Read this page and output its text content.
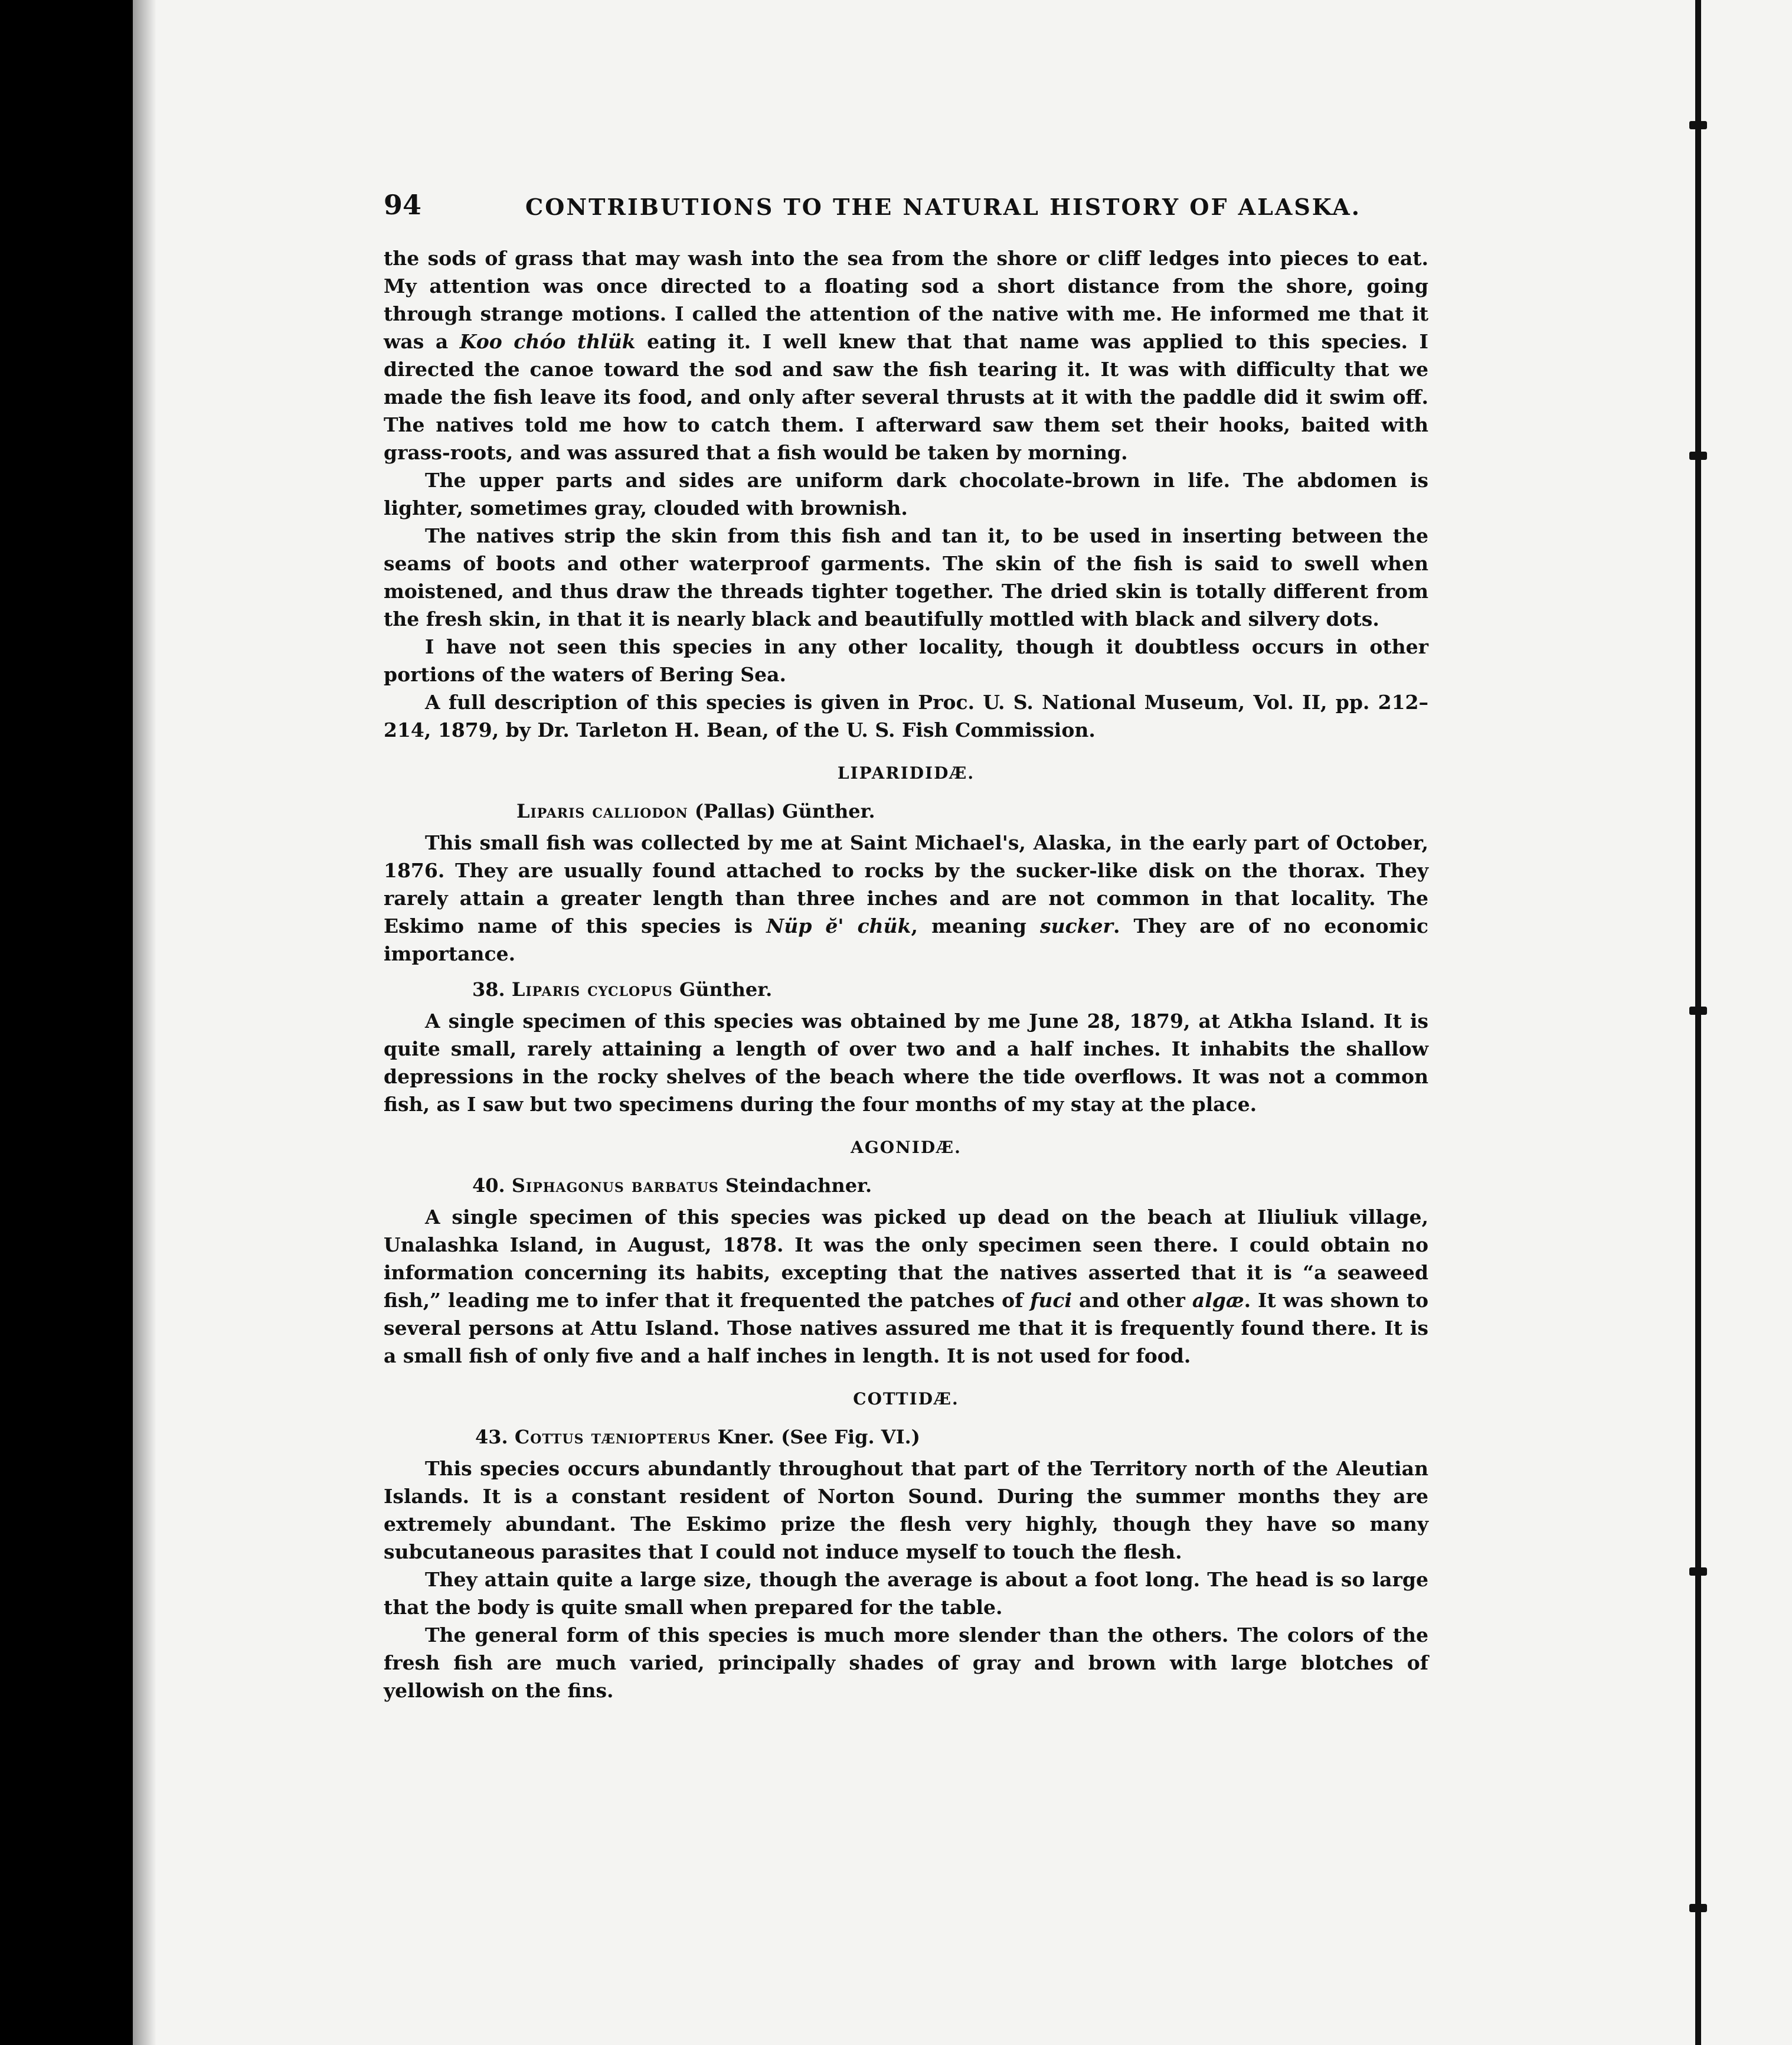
94	CONTRIBUTIONS TO THE NATURAL HISTORY OF ALASKA.

the sods of grass that may wash into the sea from the shore or cliff ledges into pieces to eat. My attention was once directed to a floating sod a short distance from the shore, going through strange motions. I called the attention of the native with me. He informed me that it was a Koo chóo thlük eating it. I well knew that that name was applied to this species. I directed the canoe toward the sod and saw the fish tearing it. It was with difficulty that we made the fish leave its food, and only after several thrusts at it with the paddle did it swim off. The natives told me how to catch them. I afterward saw them set their hooks, baited with grass-roots, and was assured that a fish would be taken by morning.

The upper parts and sides are uniform dark chocolate-brown in life. The abdomen is lighter, sometimes gray, clouded with brownish.

The natives strip the skin from this fish and tan it, to be used in inserting between the seams of boots and other waterproof garments. The skin of the fish is said to swell when moistened, and thus draw the threads tighter together. The dried skin is totally different from the fresh skin, in that it is nearly black and beautifully mottled with black and silvery dots.

I have not seen this species in any other locality, though it doubtless occurs in other portions of the waters of Bering Sea.

A full description of this species is given in Proc. U. S. National Museum, Vol. II, pp. 212–214, 1879, by Dr. Tarleton H. Bean, of the U. S. Fish Commission.

LIPARIDIDÆ.
Liparis calliodon (Pallas) Günther.

This small fish was collected by me at Saint Michael's, Alaska, in the early part of October, 1876. They are usually found attached to rocks by the sucker-like disk on the thorax. They rarely attain a greater length than three inches and are not common in that locality. The Eskimo name of this species is Nüp ĕ' chük, meaning sucker. They are of no economic importance.

38. Liparis cyclopus Günther.

A single specimen of this species was obtained by me June 28, 1879, at Atkha Island. It is quite small, rarely attaining a length of over two and a half inches. It inhabits the shallow depressions in the rocky shelves of the beach where the tide overflows. It was not a common fish, as I saw but two specimens during the four months of my stay at the place.

AGONIDÆ.
40. Siphagonus barbatus Steindachner.

A single specimen of this species was picked up dead on the beach at Iliuliuk village, Unalashka Island, in August, 1878. It was the only specimen seen there. I could obtain no information concerning its habits, excepting that the natives asserted that it is “a seaweed fish,” leading me to infer that it frequented the patches of fuci and other algæ. It was shown to several persons at Attu Island. Those natives assured me that it is frequently found there. It is a small fish of only five and a half inches in length. It is not used for food.

COTTIDÆ.
43. Cottus tæniopterus Kner. (See Fig. VI.)

This species occurs abundantly throughout that part of the Territory north of the Aleutian Islands. It is a constant resident of Norton Sound. During the summer months they are extremely abundant. The Eskimo prize the flesh very highly, though they have so many subcutaneous parasites that I could not induce myself to touch the flesh.

They attain quite a large size, though the average is about a foot long. The head is so large that the body is quite small when prepared for the table.

The general form of this species is much more slender than the others. The colors of the fresh fish are much varied, principally shades of gray and brown with large blotches of yellowish on the fins.
